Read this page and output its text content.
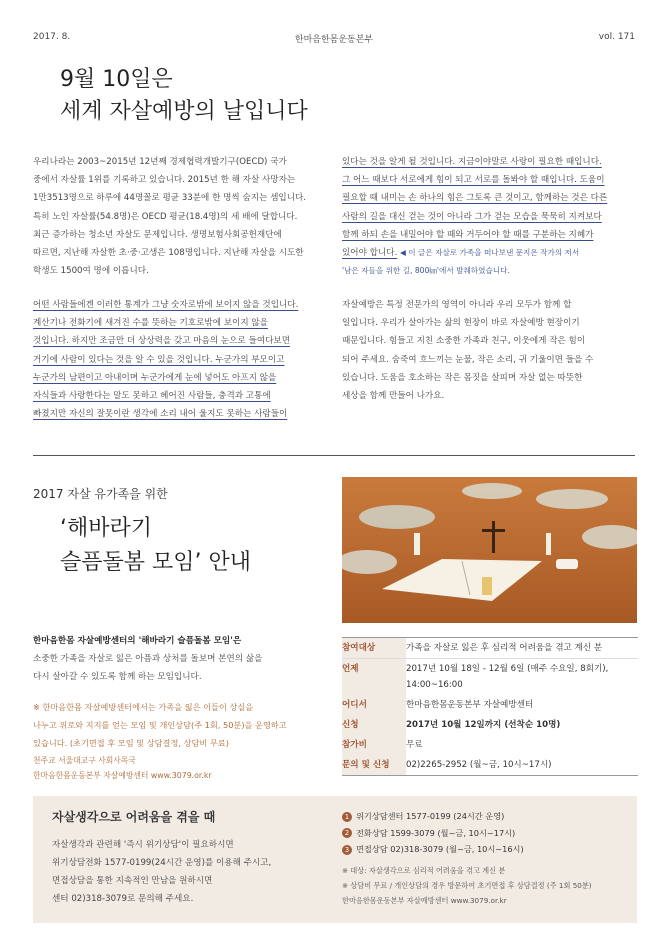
2017. 8.	한마음한몸운동본부	vol. 171
9월 10일은
세계 자살예방의 날입니다

우리나라는 2003~2015년 12년째 경제협력개발기구(OECD) 국가

중에서 자살률 1위를 기록하고 있습니다. 2015년 한 해 자살 사망자는

1만3513명으로 하루에 44명꼴로 평균 33분에 한 명씩 숨지는 셈입니다.

특히 노인 자살률(54.8명)은 OECD 평균(18.4명)의 세 배에 달합니다.

최근 증가하는 청소년 자살도 문제입니다. 생명보험사회공헌재단에

따르면, 지난해 자살한 초·중·고생은 108명입니다. 지난해 자살을 시도한

학생도 1500여 명에 이릅니다.

어떤 사람들에겐 이러한 통계가 그냥 숫자로밖에 보이지 않을 것입니다.

계산기나 전화기에 새겨진 수를 뜻하는 기호로밖에 보이지 않을

것입니다. 하지만 조금만 더 상상력을 갖고 마음의 눈으로 들여다보면

거기에 사람이 있다는 것을 알 수 있을 것입니다. 누군가의 부모이고

누군가의 남편이고 아내이며 누군가에게 눈에 넣어도 아프지 않을

자식들과 사랑한다는 말도 못하고 헤어진 사람들, 충격과 고통에

빠졌지만 자신의 잘못이란 생각에 소리 내어 울지도 못하는 사람들이

있다는 것을 알게 될 것입니다. 지금이야말로 사랑이 필요한 때입니다.

그 어느 때보다 서로에게 힘이 되고 서로를 돌봐야 할 때입니다. 도움이

필요할 때 내미는 손 하나의 힘은 그토록 큰 것이고, 함께하는 것은 다른

사람의 길을 대신 걷는 것이 아니라 그가 걷는 모습을 묵묵히 지켜보다

함께 하되 손을 내밀어야 할 때와 거두어야 할 때를 구분하는 지혜가

있어야 합니다. ◀ 이 글은 자살로 가족을 떠나보낸 문지온 작가의 저서

'남은 자들을 위한 길, 800㎞'에서 발췌하였습니다.

자살예방은 특정 전문가의 영역이 아니라 우리 모두가 함께 할

일입니다. 우리가 살아가는 삶의 현장이 바로 자살예방 현장이기

때문입니다. 힘들고 지친 소중한 가족과 친구, 이웃에게 작은 힘이

되어 주세요. 숨죽여 흐느끼는 눈물, 작은 소리, 귀 기울이면 들을 수

있습니다. 도움을 호소하는 작은 몸짓을 살피며 자살 없는 따뜻한

세상을 함께 만들어 나가요.

2017 자살 유가족을 위한
‘해바라기
슬픔돌봄 모임’ 안내

한마음한몸 자살예방센터의 '해바라기 슬픔돌봄 모임'은

소중한 가족을 자살로 잃은 아픔과 상처를 돌보며 본연의 삶을

다시 살아갈 수 있도록 함께 하는 모임입니다.

※ 한마음한몸 자살예방센터에서는 가족을 잃은 이들이 상실을

나누고 위로와 지지를 얻는 모임 및 개인상담(주 1회, 50분)을 운영하고

있습니다. (초기면접 후 모임 및 상담결정, 상담비 무료)

천주교 서울대교구 사회사목국

한마음한몸운동본부 자살예방센터 www.3079.or.kr

참여대상	가족을 자살로 잃은 후 심리적 어려움을 겪고 계신 분
언제	2017년 10월 18일 - 12월 6일 (매주 수요일, 8회기), 14:00~16:00
어디서	한마음한몸운동본부 자살예방센터
신청	2017년 10월 12일까지 (선착순 10명)
참가비	무료
문의 및 신청	02)2265-2952 (월~금, 10시~17시)
자살생각으로 어려움을 겪을 때

자살생각과 관련해 '즉시 위기상담'이 필요하시면

위기상담전화 1577-0199(24시간 운영)를 이용해 주시고,

면접상담을 통한 지속적인 만남을 원하시면

센터 02)318-3079로 문의해 주세요.

1 위기상담센터 1577-0199 (24시간 운영)

2 전화상담 1599-3079 (월~금, 10시~17시)

3 면접상담 02)318-3079 (월~금, 10시~16시)

※ 대상: 자살생각으로 심리적 어려움을 겪고 계신 분

※ 상담비 무료 / 개인상담의 경우 방문하여 초기면접 후 상담결정 (주 1회 50분)

한마음한몸운동본부 자살예방센터 www.3079.or.kr
